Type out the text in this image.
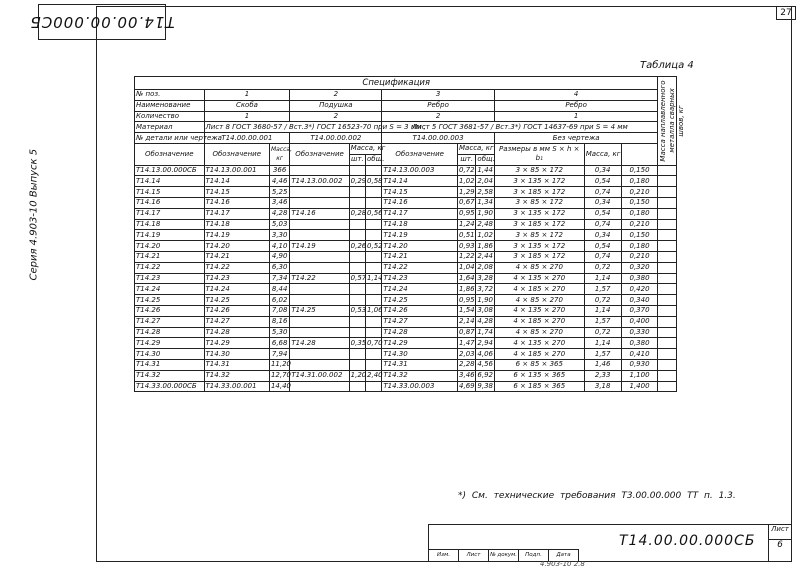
27
Т14.00.00.000СБ
Серия 4.903-10 Выпуск 5
Таблица 4
Спецификация												Масса наплавленного металла сварных швов, кг

№ поз.	1		2			3			4			
Наименование	Скоба		Подушка			Ребро			Ребро			
Количество	1		2			2			1			
Материал	Лист 8 ГОСТ 3680-57 / Вст.3*) ГОСТ 16523-70 при S = 3 мм ;					Лист 5 ГОСТ 3681-57 / Вст.3*) ГОСТ 14637-69 при S = 4 мм						
№ детали или чертежа	Т14.00.00.001		Т14.00.00.002			Т14.00.00.003			Без чертежа			
Обозначение	Обозначение	Масса, кг	Обозначение	Масса, кг		Обозначение	Масса, кг		Размеры в мм S × h × b₁	Масса, кг		
				шт.	общ.		шт.	общ.				
Т14.13.00.000СБ	Т14.13.00.001	366				Т14.13.00.003	0,72	1,44	3 × 85 × 172	0,34	0,150	
Т14.14	Т14.14	4,46	Т14.13.00.002	0,29	0,58	Т14.14	1,02	2,04	3 × 135 × 172	0,54	0,180	
Т14.15	Т14.15	5,25				Т14.15	1,29	2,58	3 × 185 × 172	0,74	0,210	
Т14.16	Т14.16	3,46				Т14.16	0,67	1,34	3 × 85 × 172	0,34	0,150	
Т14.17	Т14.17	4,28	Т14.16	0,28	0,56	Т14.17	0,95	1,90	3 × 135 × 172	0,54	0,180	
Т14.18	Т14.18	5,03				Т14.18	1,24	2,48	3 × 185 × 172	0,74	0,210	
Т14.19	Т14.19	3,30				Т14.19	0,51	1,02	3 × 85 × 172	0,34	0,150	
Т14.20	Т14.20	4,10	Т14.19	0,26	0,52	Т14.20	0,93	1,86	3 × 135 × 172	0,54	0,180	
Т14.21	Т14.21	4,90				Т14.21	1,22	2,44	3 × 185 × 172	0,74	0,210	
Т14.22	Т14.22	6,30				Т14.22	1,04	2,08	4 × 85 × 270	0,72	0,320	
Т14.23	Т14.23	7,34	Т14.22	0,57	1,14	Т14.23	1,64	3,28	4 × 135 × 270	1,14	0,380	
Т14.24	Т14.24	8,44				Т14.24	1,86	3,72	4 × 185 × 270	1,57	0,420	
Т14.25	Т14.25	6,02				Т14.25	0,95	1,90	4 × 85 × 270	0,72	0,340	
Т14.26	Т14.26	7,08	Т14.25	0,53	1,06	Т14.26	1,54	3,08	4 × 135 × 270	1,14	0,370	
Т14.27	Т14.27	8,16				Т14.27	2,14	4,28	4 × 185 × 270	1,57	0,400	
Т14.28	Т14.28	5,30				Т14.28	0,87	1,74	4 × 85 × 270	0,72	0,330	
Т14.29	Т14.29	6,68	Т14.28	0,35	0,70	Т14.29	1,47	2,94	4 × 135 × 270	1,14	0,380	
Т14.30	Т14.30	7,94				Т14.30	2,03	4,06	4 × 185 × 270	1,57	0,410	
Т14.31	Т14.31	11,20				Т14.31	2,28	4,56	6 × 85 × 365	1,46	0,930	
Т14.32	Т14.32	12,70	Т14.31.00.002	1,20	2,40	Т14.32	3,46	6,92	6 × 135 × 365	2,33	1,100	
Т14.33.00.000СБ	Т14.33.00.001	14,40				Т14.33.00.003	4,69	9,38	6 × 185 × 365	3,18	1,400	
*) См. технические требования Т3.00.00.000 ТТ п. 1.3.
Изм.	Лист	№ докум.	Подп.	Дата
Т14.00.00.000СБ
Лист
6
4.903-10 2.8
